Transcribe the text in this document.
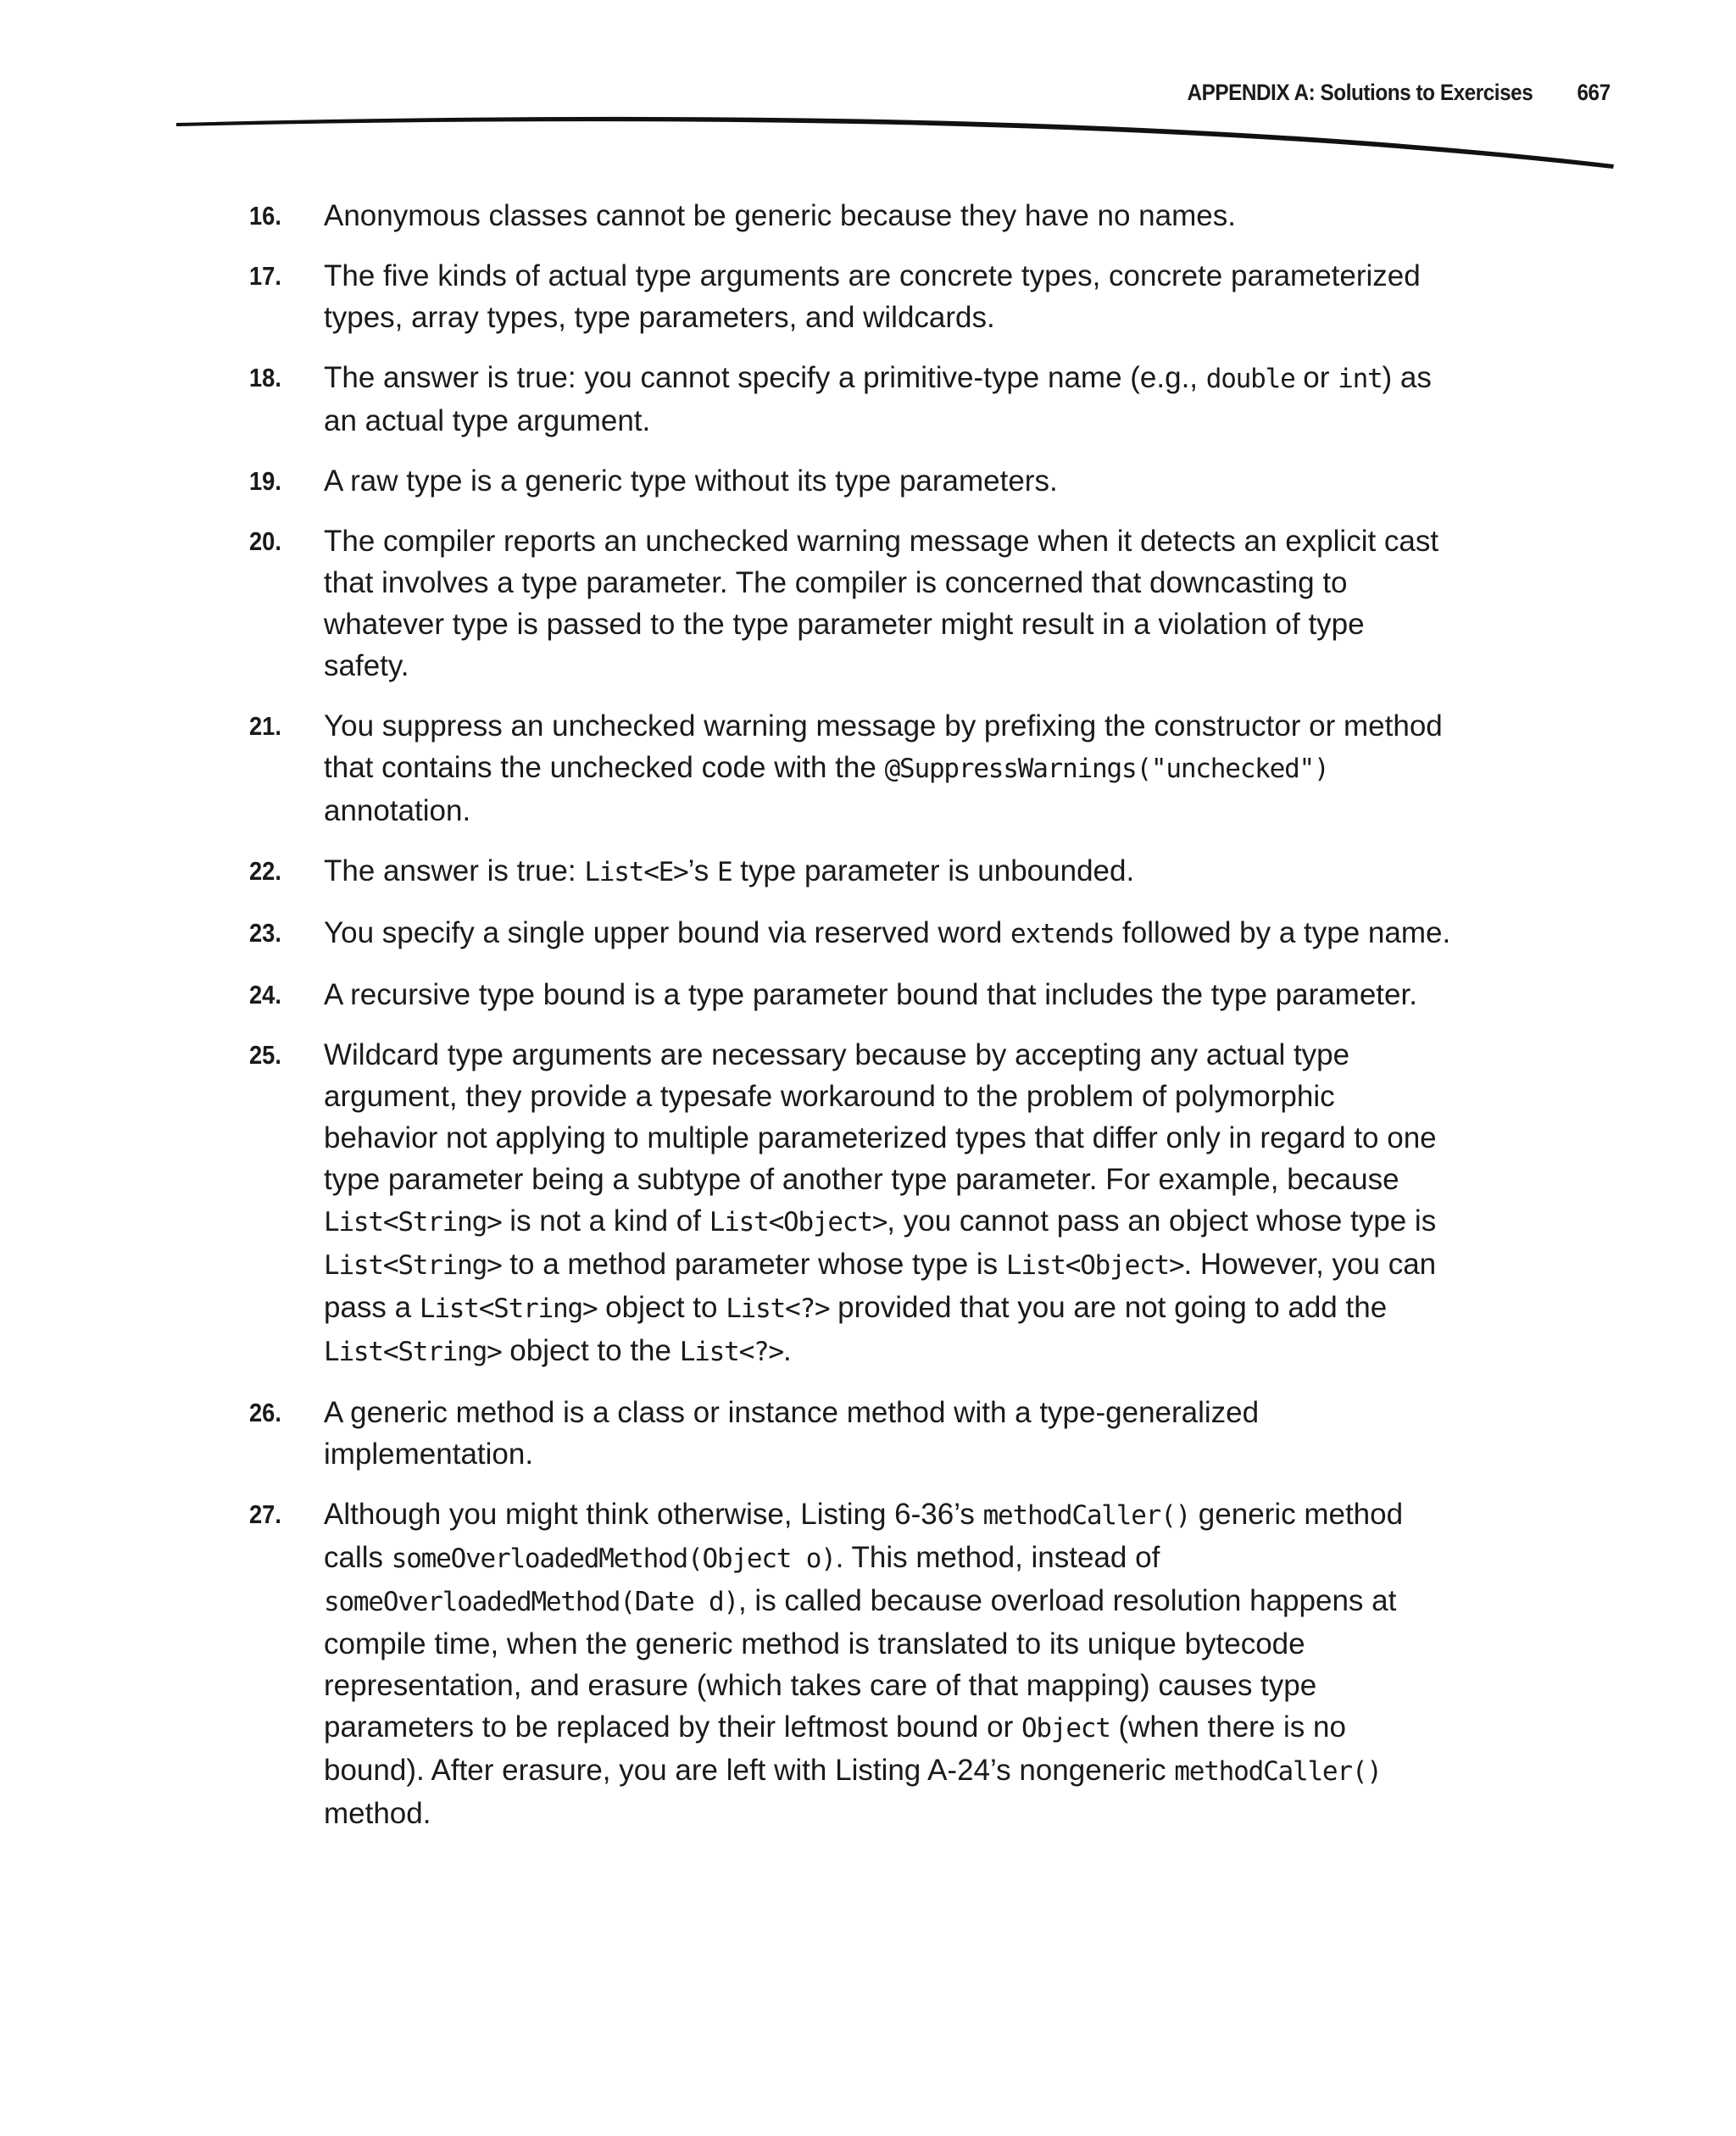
APPENDIX A: Solutions to Exercises 667
16. Anonymous classes cannot be generic because they have no names.
17. The five kinds of actual type arguments are concrete types, concrete parameterized types, array types, type parameters, and wildcards.
18. The answer is true: you cannot specify a primitive-type name (e.g., double or int) as an actual type argument.
19. A raw type is a generic type without its type parameters.
20. The compiler reports an unchecked warning message when it detects an explicit cast that involves a type parameter. The compiler is concerned that downcasting to whatever type is passed to the type parameter might result in a violation of type safety.
21. You suppress an unchecked warning message by prefixing the constructor or method that contains the unchecked code with the @SuppressWarnings("unchecked") annotation.
22. The answer is true: List<E>’s E type parameter is unbounded.
23. You specify a single upper bound via reserved word extends followed by a type name.
24. A recursive type bound is a type parameter bound that includes the type parameter.
25. Wildcard type arguments are necessary because by accepting any actual type argument, they provide a typesafe workaround to the problem of polymorphic behavior not applying to multiple parameterized types that differ only in regard to one type parameter being a subtype of another type parameter. For example, because List<String> is not a kind of List<Object>, you cannot pass an object whose type is List<String> to a method parameter whose type is List<Object>. However, you can pass a List<String> object to List<?> provided that you are not going to add the List<String> object to the List<?>.
26. A generic method is a class or instance method with a type-generalized implementation.
27. Although you might think otherwise, Listing 6-36’s methodCaller() generic method calls someOverloadedMethod(Object o). This method, instead of someOverloadedMethod(Date d), is called because overload resolution happens at compile time, when the generic method is translated to its unique bytecode representation, and erasure (which takes care of that mapping) causes type parameters to be replaced by their leftmost bound or Object (when there is no bound). After erasure, you are left with Listing A-24’s nongeneric methodCaller() method.
